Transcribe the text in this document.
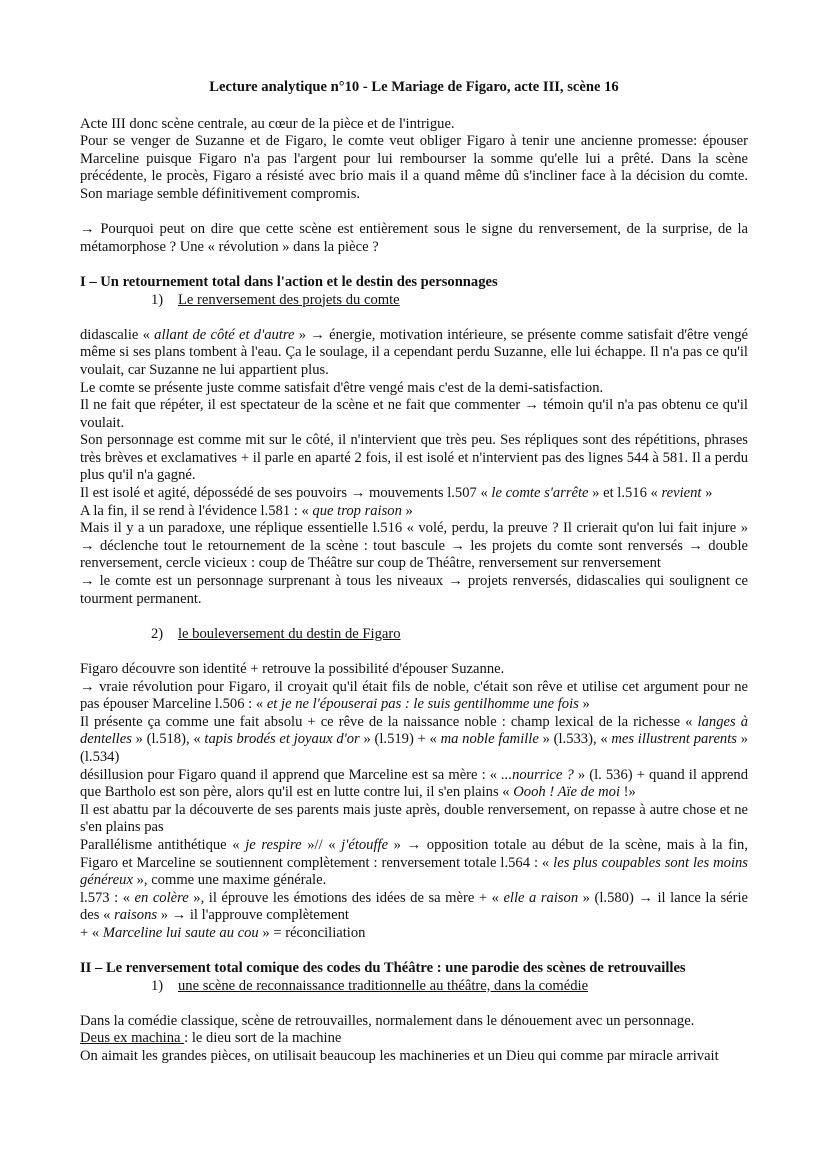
Lecture analytique n°10 - Le Mariage de Figaro, acte III, scène 16

Acte III donc scène centrale, au cœur de la pièce et de l'intrigue.

Pour se venger de Suzanne et de Figaro, le comte veut obliger Figaro à tenir une ancienne promesse: épouser Marceline puisque Figaro n'a pas l'argent pour lui rembourser la somme qu'elle lui a prêté. Dans la scène précédente, le procès, Figaro a résisté avec brio mais il a quand même dû s'incliner face à la décision du comte. Son mariage semble définitivement compromis.

→ Pourquoi peut on dire que cette scène est entièrement sous le signe du renversement, de la surprise, de la métamorphose ? Une « révolution » dans la pièce ?

I – Un retournement total dans l'action et le destin des personnages
1) Le renversement des projets du comte

didascalie « allant de côté et d'autre » → énergie, motivation intérieure, se présente comme satisfait d'être vengé même si ses plans tombent à l'eau. Ça le soulage, il a cependant perdu Suzanne, elle lui échappe. Il n'a pas ce qu'il voulait, car Suzanne ne lui appartient plus.

Le comte se présente juste comme satisfait d'être vengé mais c'est de la demi-satisfaction.

Il ne fait que répéter, il est spectateur de la scène et ne fait que commenter → témoin qu'il n'a pas obtenu ce qu'il voulait.

Son personnage est comme mit sur le côté, il n'intervient que très peu. Ses répliques sont des répétitions, phrases très brèves et exclamatives + il parle en aparté 2 fois, il est isolé et n'intervient pas des lignes 544 à 581. Il a perdu plus qu'il n'a gagné.

Il est isolé et agité, dépossédé de ses pouvoirs → mouvements l.507 « le comte s'arrête » et l.516 « revient »

A la fin, il se rend à l'évidence l.581 : « que trop raison »

Mais il y a un paradoxe, une réplique essentielle l.516 « volé, perdu, la preuve ? Il crierait qu'on lui fait injure » → déclenche tout le retournement de la scène : tout bascule → les projets du comte sont renversés → double renversement, cercle vicieux : coup de Théâtre sur coup de Théâtre, renversement sur renversement

→ le comte est un personnage surprenant à tous les niveaux → projets renversés, didascalies qui soulignent ce tourment permanent.

2) le bouleversement du destin de Figaro

Figaro découvre son identité + retrouve la possibilité d'épouser Suzanne.

→ vraie révolution pour Figaro, il croyait qu'il était fils de noble, c'était son rêve et utilise cet argument pour ne pas épouser Marceline l.506 : « et je ne l'épouserai pas : le suis gentilhomme une fois »

Il présente ça comme une fait absolu + ce rêve de la naissance noble : champ lexical de la richesse « langes à dentelles » (l.518), « tapis brodés et joyaux d'or » (l.519) + « ma noble famille » (l.533), « mes illustrent parents » (l.534)

désillusion pour Figaro quand il apprend que Marceline est sa mère : « ...nourrice ? » (l. 536) + quand il apprend que Bartholo est son père, alors qu'il est en lutte contre lui, il s'en plains « Oooh ! Aïe de moi !»

Il est abattu par la découverte de ses parents mais juste après, double renversement, on repasse à autre chose et ne s'en plains pas

Parallélisme antithétique « je respire »// « j'étouffe » → opposition totale au début de la scène, mais à la fin, Figaro et Marceline se soutiennent complètement : renversement totale l.564 : « les plus coupables sont les moins généreux », comme une maxime générale.

l.573 : « en colère », il éprouve les émotions des idées de sa mère + « elle a raison » (l.580) → il lance la série des « raisons » → il l'approuve complètement

+ « Marceline lui saute au cou » = réconciliation

II – Le renversement total comique des codes du Théâtre : une parodie des scènes de retrouvailles
1) une scène de reconnaissance traditionnelle au théâtre, dans la comédie

Dans la comédie classique, scène de retrouvailles, normalement dans le dénouement avec un personnage.

Deus ex machina : le dieu sort de la machine

On aimait les grandes pièces, on utilisait beaucoup les machineries et un Dieu qui comme par miracle arrivait
